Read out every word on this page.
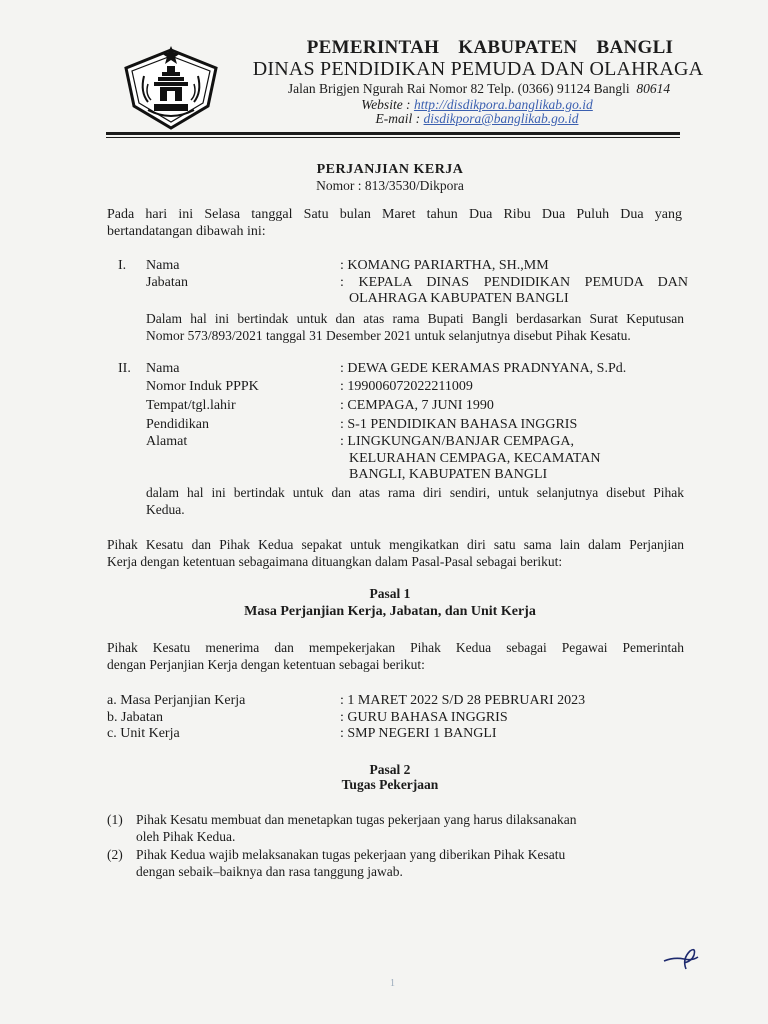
PEMERINTAH KABUPATEN BANGLI
DINAS PENDIDIKAN PEMUDA DAN OLAHRAGA
Jalan Brigjen Ngurah Rai Nomor 82 Telp. (0366) 91124 Bangli 80614
Website : http://disdikpora.banglikab.go.id
E-mail : disdikpora@banglikab.go.id
PERJANJIAN KERJA
Nomor : 813/3530/Dikpora
Pada hari ini Selasa tanggal Satu bulan Maret tahun Dua Ribu Dua Puluh Dua yang
bertandatangan dibawah ini:
I. Nama	: KOMANG PARIARTHA, SH.,MM
Jabatan	: KEPALA DINAS PENDIDIKAN PEMUDA DAN
OLAHRAGA KABUPATEN BANGLI
Dalam hal ini bertindak untuk dan atas rama Bupati Bangli berdasarkan Surat Keputusan
Nomor 573/893/2021 tanggal 31 Desember 2021 untuk selanjutnya disebut Pihak Kesatu.
II. Nama	: DEWA GEDE KERAMAS PRADNYANA, S.Pd.
Nomor Induk PPPK	: 199006072022211009
Tempat/tgl.lahir	: CEMPAGA, 7 JUNI 1990
Pendidikan	: S-1 PENDIDIKAN BAHASA INGGRIS
Alamat	: LINGKUNGAN/BANJAR CEMPAGA,
KELURAHAN CEMPAGA, KECAMATAN
BANGLI, KABUPATEN BANGLI
dalam hal ini bertindak untuk dan atas rama diri sendiri, untuk selanjutnya disebut Pihak
Kedua.
Pihak Kesatu dan Pihak Kedua sepakat untuk mengikatkan diri satu sama lain dalam Perjanjian
Kerja dengan ketentuan sebagaimana dituangkan dalam Pasal-Pasal sebagai berikut:
Pasal 1
Masa Perjanjian Kerja, Jabatan, dan Unit Kerja
Pihak Kesatu menerima dan mempekerjakan Pihak Kedua sebagai Pegawai Pemerintah
dengan Perjanjian Kerja dengan ketentuan sebagai berikut:
a. Masa Perjanjian Kerja	: 1 MARET 2022 S/D 28 PEBRUARI 2023
b. Jabatan	: GURU BAHASA INGGRIS
c. Unit Kerja	: SMP NEGERI 1 BANGLI
Pasal 2
Tugas Pekerjaan
(1) Pihak Kesatu membuat dan menetapkan tugas pekerjaan yang harus dilaksanakan
oleh Pihak Kedua.
(2) Pihak Kedua wajib melaksanakan tugas pekerjaan yang diberikan Pihak Kesatu
dengan sebaik–baiknya dan rasa tanggung jawab.
1
